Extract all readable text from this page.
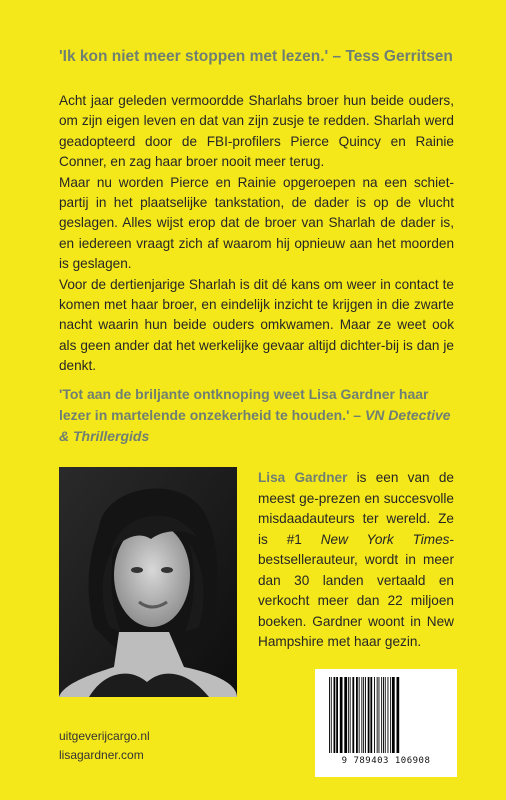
'Ik kon niet meer stoppen met lezen.' – Tess Gerritsen

Acht jaar geleden vermoordde Sharlahs broer hun beide ouders, om zijn eigen leven en dat van zijn zusje te redden. Sharlah werd geadopteerd door de FBI-profilers Pierce Quincy en Rainie Conner, en zag haar broer nooit meer terug.

Maar nu worden Pierce en Rainie opgeroepen na een schiet-partij in het plaatselijke tankstation, de dader is op de vlucht geslagen. Alles wijst erop dat de broer van Sharlah de dader is, en iedereen vraagt zich af waarom hij opnieuw aan het moorden is geslagen.

Voor de dertienjarige Sharlah is dit dé kans om weer in contact te komen met haar broer, en eindelijk inzicht te krijgen in die zwarte nacht waarin hun beide ouders omkwamen. Maar ze weet ook als geen ander dat het werkelijke gevaar altijd dichter-bij is dan je denkt.

'Tot aan de briljante ontknoping weet Lisa Gardner haar lezer in martelende onzekerheid te houden.' – VN Detective & Thrillergids
Lisa Gardner is een van de meest ge-prezen en succesvolle misdaadauteurs ter wereld. Ze is #1 New York Times-bestsellerauteur, wordt in meer dan 30 landen vertaald en verkocht meer dan 22 miljoen boeken. Gardner woont in New Hampshire met haar gezin.
uitgeverijcargo.nl
lisagardner.com	9 789403 106908
